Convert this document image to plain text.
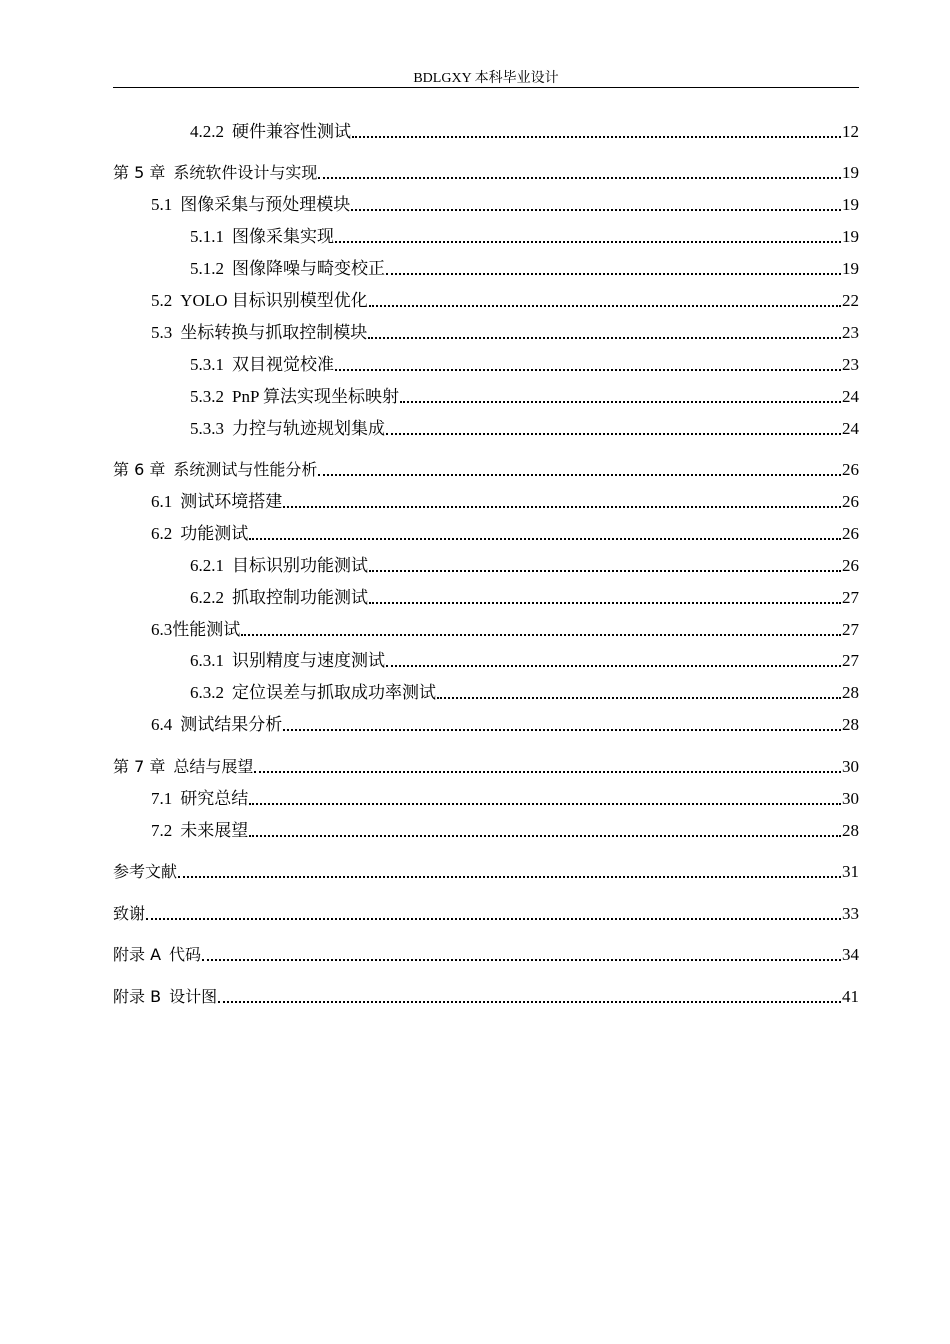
BDLGXY 本科毕业设计
4.2.2 硬件兼容性测试	12
第 5 章 系统软件设计与实现	19
5.1 图像采集与预处理模块	19
5.1.1 图像采集实现	19
5.1.2 图像降噪与畸变校正	19
5.2 YOLO 目标识别模型优化	22
5.3 坐标转换与抓取控制模块	23
5.3.1 双目视觉校准	23
5.3.2 PnP 算法实现坐标映射	24
5.3.3 力控与轨迹规划集成	24
第 6 章 系统测试与性能分析	26
6.1 测试环境搭建	26
6.2 功能测试	26
6.2.1 目标识别功能测试	26
6.2.2 抓取控制功能测试	27
6.3性能测试	27
6.3.1 识别精度与速度测试	27
6.3.2 定位误差与抓取成功率测试	28
6.4 测试结果分析	28
第 7 章 总结与展望	30
7.1 研究总结	30
7.2 未来展望	28
参考文献	31
致谢	33
附录 A 代码	34
附录 B 设计图	41
